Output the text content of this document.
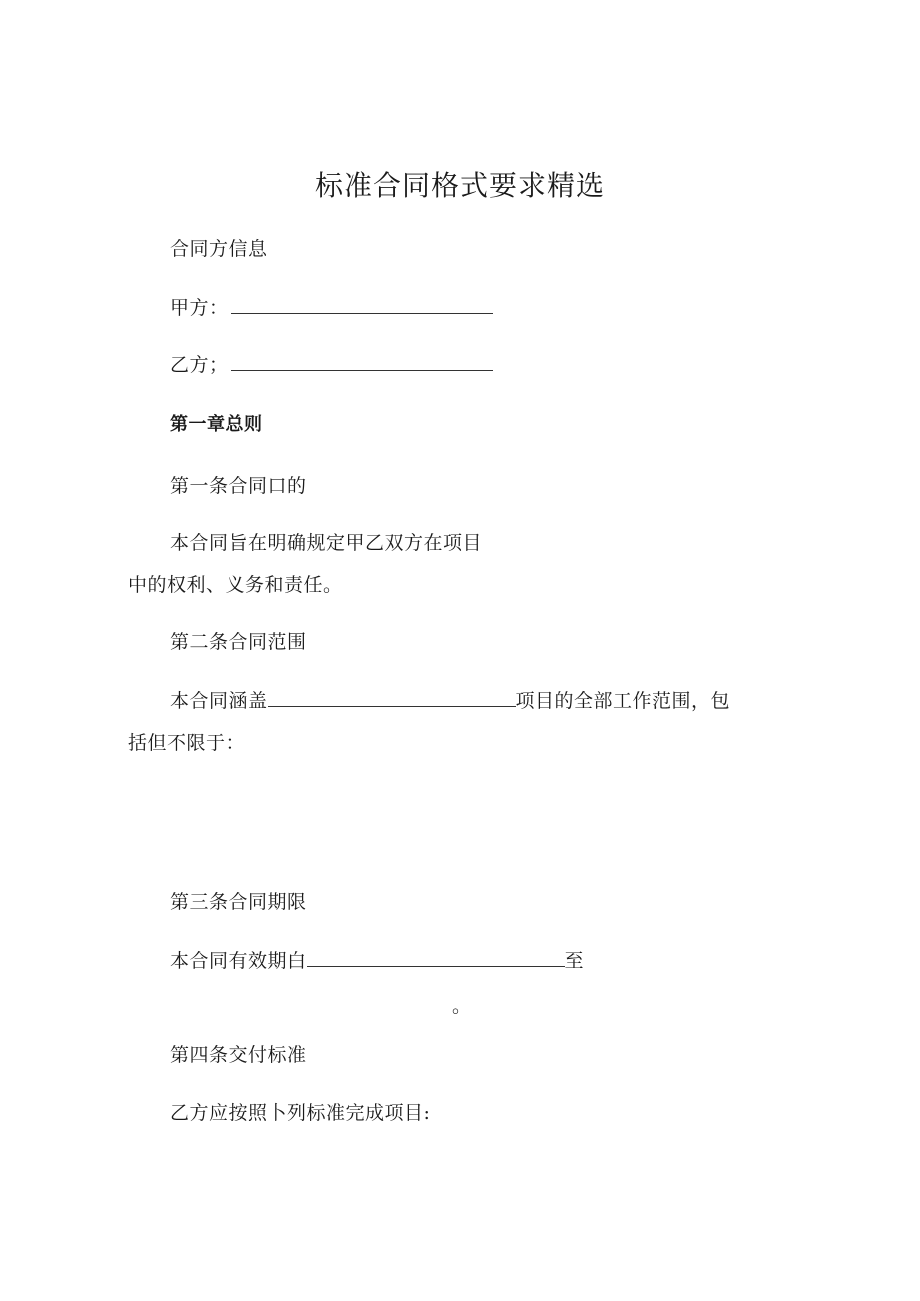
标准合同格式要求精选
合同方信息
甲方：
乙方；
第一章总则
第一条合同口的
本合同旨在明确规定甲乙双方在项目
中的权利、义务和责任。
第二条合同范围
本合同涵盖	项目的全部工作范围，包
括但不限于：
第三条合同期限
本合同有效期白	至
。
第四条交付标准
乙方应按照卜列标准完成项目:
